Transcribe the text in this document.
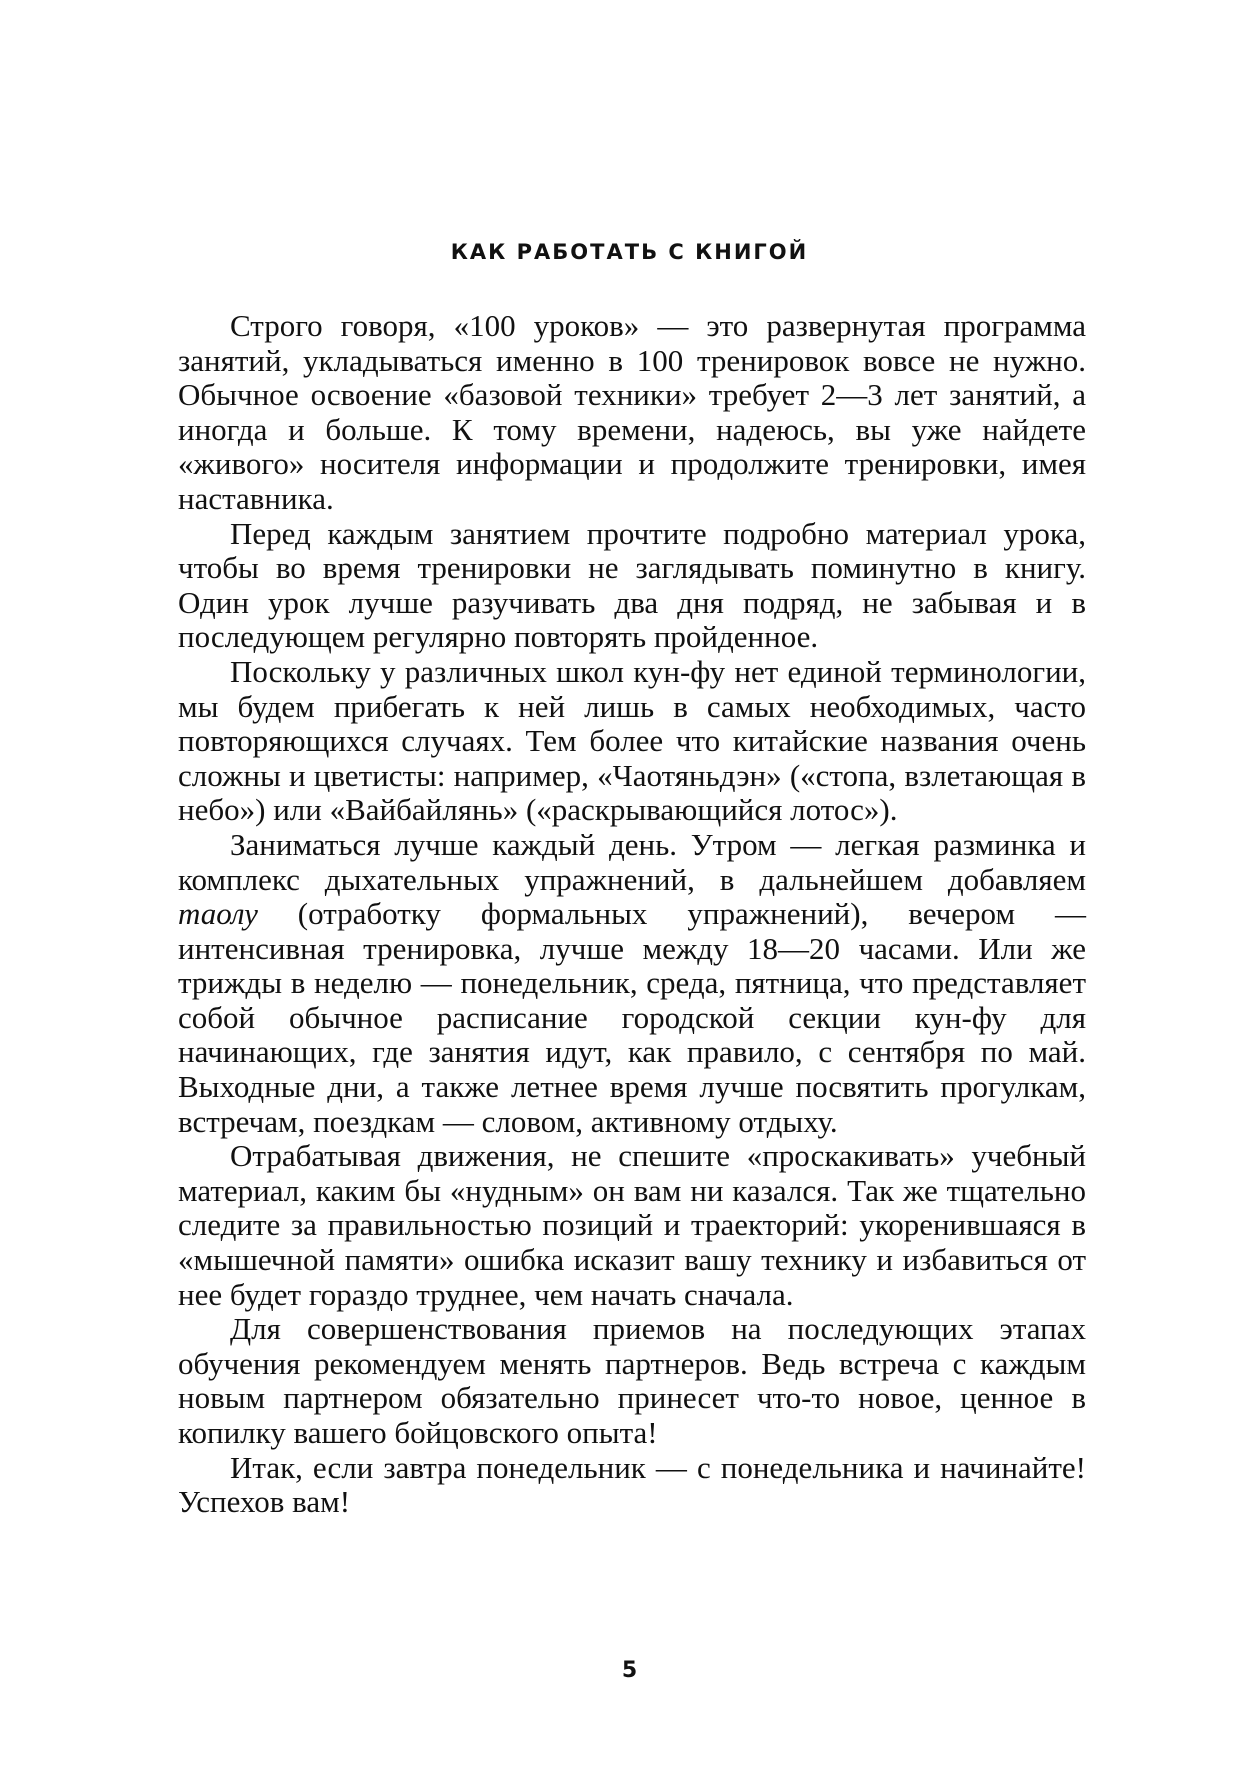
КАК РАБОТАТЬ С КНИГОЙ

Строго говоря, «100 уроков» — это развернутая программа занятий, укладываться именно в 100 тренировок вовсе не нужно. Обычное освоение «базовой техники» требует 2—3 лет занятий, а иногда и больше. К тому времени, надеюсь, вы уже найдете «живого» носителя информации и продолжите тренировки, имея наставника.

Перед каждым занятием прочтите подробно материал урока, чтобы во время тренировки не заглядывать поминутно в книгу. Один урок лучше разучивать два дня подряд, не забывая и в последующем регулярно повторять пройденное.

Поскольку у различных школ кун-фу нет единой терминологии, мы будем прибегать к ней лишь в самых необходимых, часто повторяющихся случаях. Тем более что китайские названия очень сложны и цветисты: например, «Чаотяньдэн» («стопа, взлетающая в небо») или «Вайбайлянь» («раскрывающийся лотос»).

Заниматься лучше каждый день. Утром — легкая разминка и комплекс дыхательных упражнений, в дальнейшем добавляем таолу (отработку формальных упражнений), вечером — интенсивная тренировка, лучше между 18—20 часами. Или же трижды в неделю — понедельник, среда, пятница, что представляет собой обычное расписание городской секции кун-фу для начинающих, где занятия идут, как правило, с сентября по май. Выходные дни, а также летнее время лучше посвятить прогулкам, встречам, поездкам — словом, активному отдыху.

Отрабатывая движения, не спешите «проскакивать» учебный материал, каким бы «нудным» он вам ни казался. Так же тщательно следите за правильностью позиций и траекторий: укоренившаяся в «мышечной памяти» ошибка исказит вашу технику и избавиться от нее будет гораздо труднее, чем начать сначала.

Для совершенствования приемов на последующих этапах обучения рекомендуем менять партнеров. Ведь встреча с каждым новым партнером обязательно принесет что-то новое, ценное в копилку вашего бойцовского опыта!

Итак, если завтра понедельник — с понедельника и начинайте! Успехов вам!

5
